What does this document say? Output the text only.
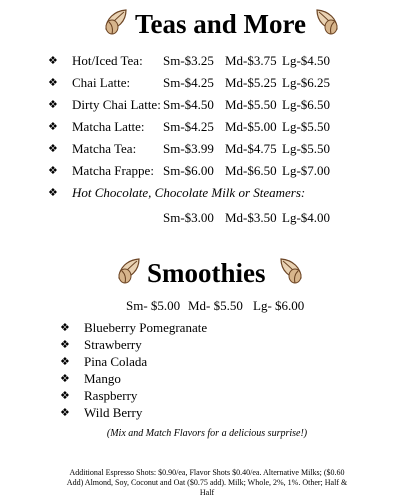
Teas and More
❖ Hot/Iced Tea: Sm-$3.25 Md-$3.75 Lg-$4.50
❖ Chai Latte:	Sm-$4.25 Md-$5.25 Lg-$6.25
❖ Dirty Chai Latte: Sm-$4.50 Md-$5.50 Lg-$6.50
❖ Matcha Latte: Sm-$4.25 Md-$5.00 Lg-$5.50
❖ Matcha Tea: Sm-$3.99 Md-$4.75 Lg-$5.50
❖ Matcha Frappe: Sm-$6.00 Md-$6.50 Lg-$7.00
❖ Hot Chocolate, Chocolate Milk or Steamers:
Sm-$3.00 Md-$3.50 Lg-$4.00
Smoothies
Sm- $5.00 Md- $5.50 Lg- $6.00
❖ Blueberry Pomegranate
❖ Strawberry
❖ Pina Colada
❖ Mango
❖ Raspberry
❖ Wild Berry
(Mix and Match Flavors for a delicious surprise!)
Additional Espresso Shots: $0.90/ea, Flavor Shots $0.40/ea. Alternative Milks; ($0.60
Add) Almond, Soy, Coconut and Oat ($0.75 add). Milk; Whole, 2%, 1%. Other; Half &
Half
